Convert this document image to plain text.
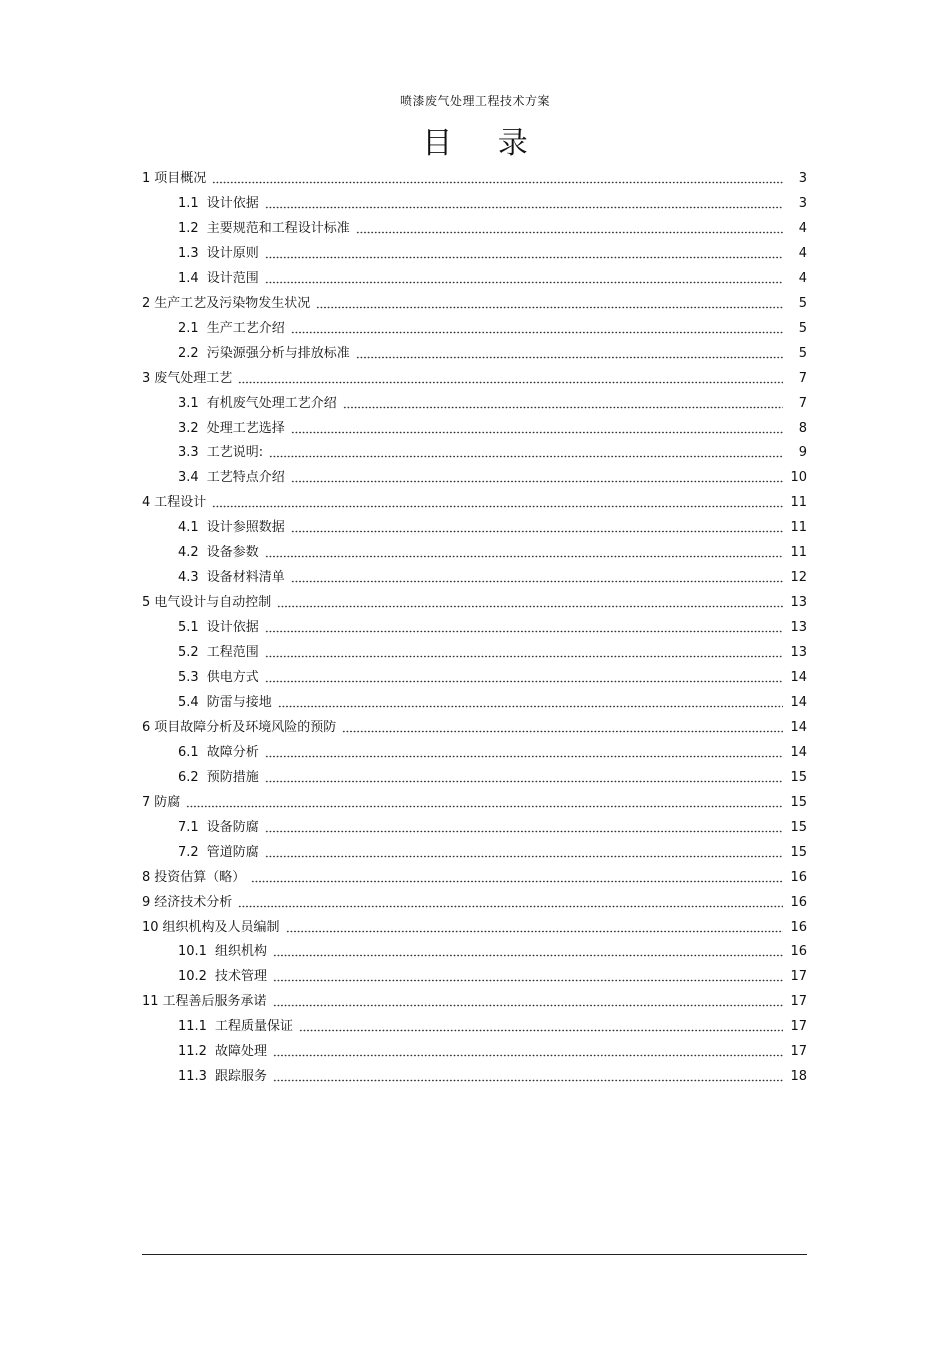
喷漆废气处理工程技术方案
目 录
1 项目概况	3
1.1 设计依据	3
1.2 主要规范和工程设计标准	4
1.3 设计原则	4
1.4 设计范围	4
2 生产工艺及污染物发生状况	5
2.1 生产工艺介绍	5
2.2 污染源强分析与排放标准	5
3 废气处理工艺	7
3.1 有机废气处理工艺介绍	7
3.2 处理工艺选择	8
3.3 工艺说明:	9
3.4 工艺特点介绍	10
4 工程设计	11
4.1 设计参照数据	11
4.2 设备参数	11
4.3 设备材料清单	12
5 电气设计与自动控制	13
5.1 设计依据	13
5.2 工程范围	13
5.3 供电方式	14
5.4 防雷与接地	14
6 项目故障分析及环境风险的预防	14
6.1 故障分析	14
6.2 预防措施	15
7 防腐	15
7.1 设备防腐	15
7.2 管道防腐	15
8 投资估算（略）	16
9 经济技术分析	16
10 组织机构及人员编制	16
10.1 组织机构	16
10.2 技术管理	17
11 工程善后服务承诺	17
11.1 工程质量保证	17
11.2 故障处理	17
11.3 跟踪服务	18
